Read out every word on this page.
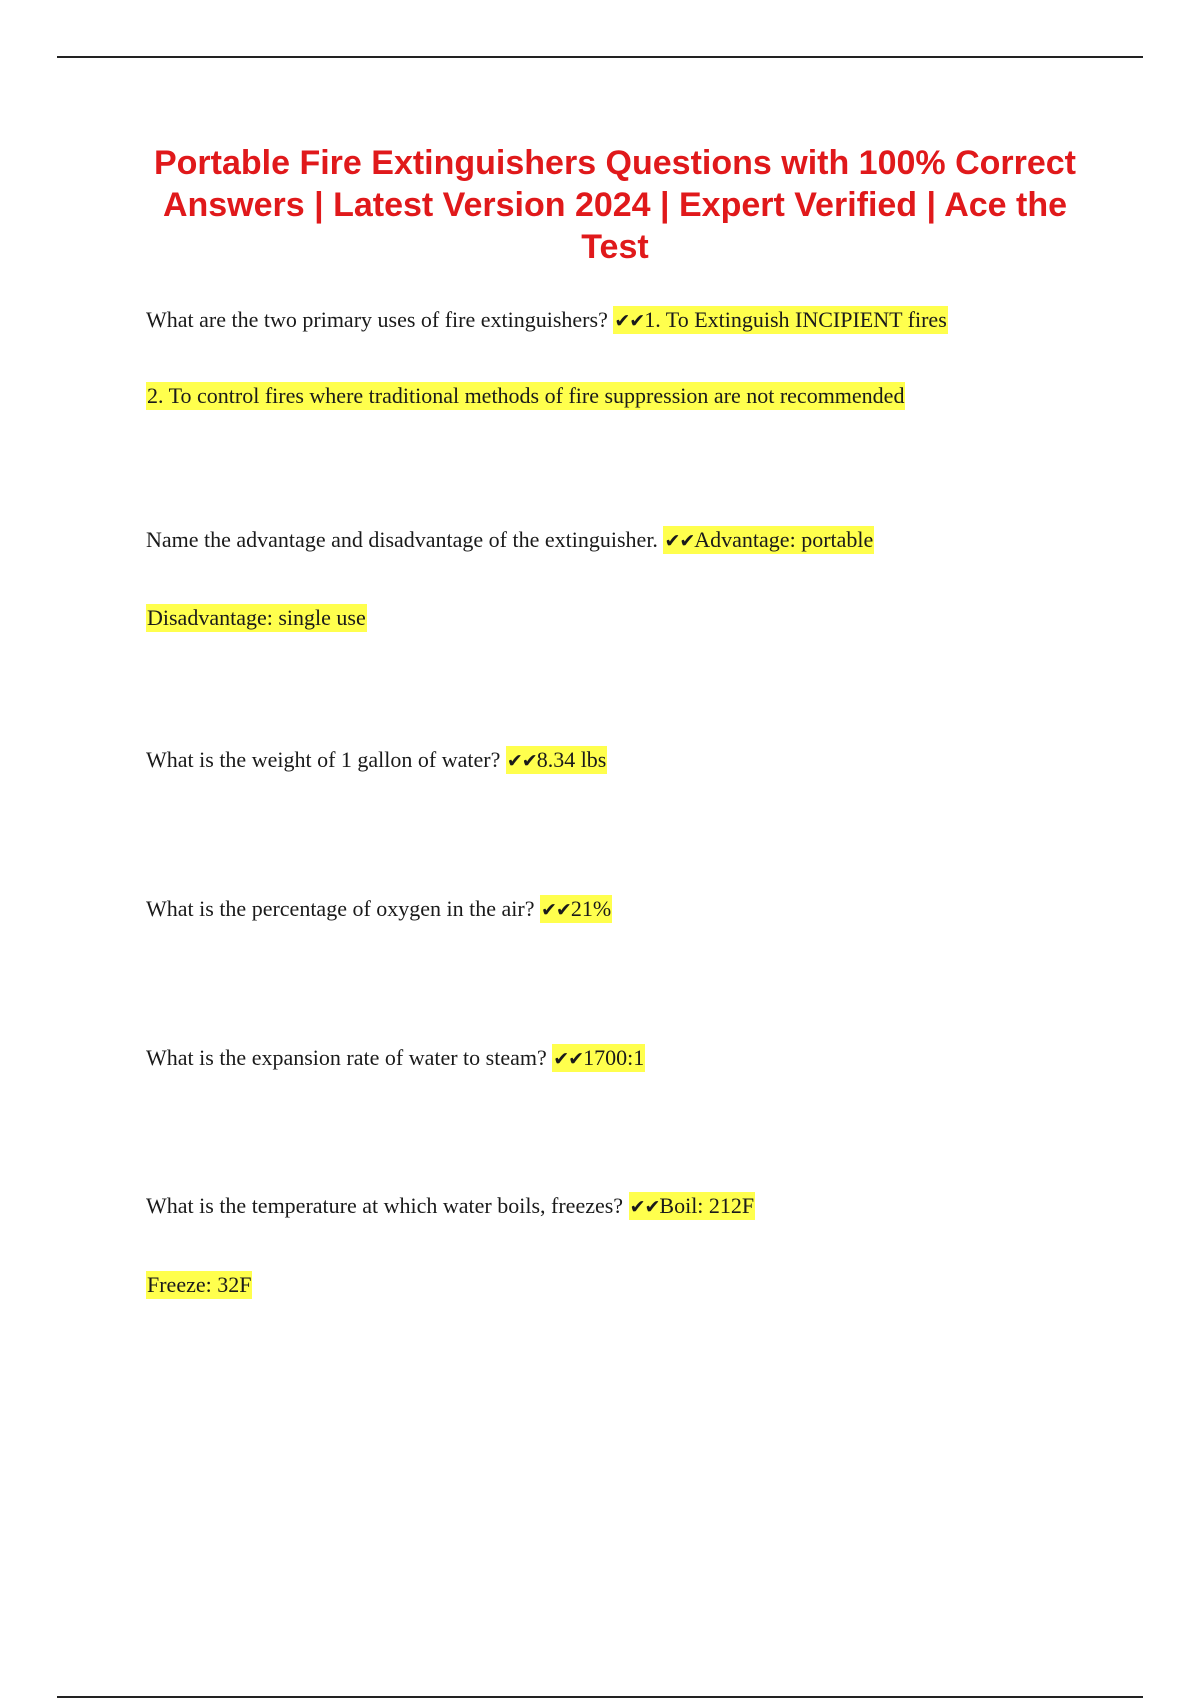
Portable Fire Extinguishers Questions with 100% Correct Answers | Latest Version 2024 | Expert Verified | Ace the Test

What are the two primary uses of fire extinguishers? ✔✔1. To Extinguish INCIPIENT fires

2. To control fires where traditional methods of fire suppression are not recommended

Name the advantage and disadvantage of the extinguisher. ✔✔Advantage: portable

Disadvantage: single use

What is the weight of 1 gallon of water? ✔✔8.34 lbs

What is the percentage of oxygen in the air? ✔✔21%

What is the expansion rate of water to steam? ✔✔1700:1

What is the temperature at which water boils, freezes? ✔✔Boil: 212F

Freeze: 32F
